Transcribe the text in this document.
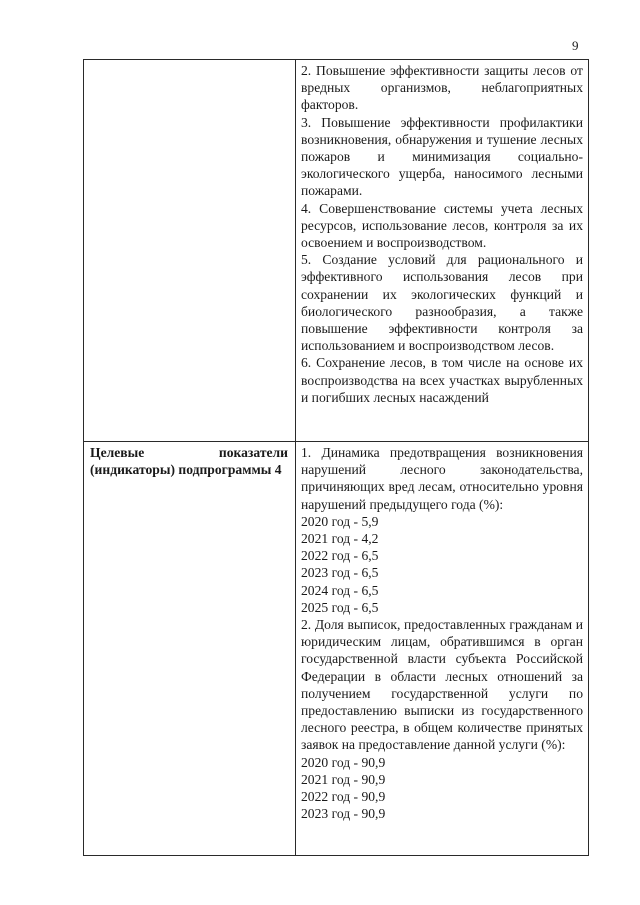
9

2. Повышение эффективности защиты лесов от вредных организмов, неблагоприятных факторов.

3. Повышение эффективности профилактики возникновения, обнаружения и тушение лесных пожаров и минимизация социально-экологического ущерба, наносимого лесными пожарами.

4. Совершенствование системы учета лесных ресурсов, использование лесов, контроля за их освоением и воспроизводством.

5. Создание условий для рационального и эффективного использования лесов при сохранении их экологических функций и биологического разнообразия, а также повышение эффективности контроля за использованием и воспроизводством лесов.

6. Сохранение лесов, в том числе на основе их воспроизводства на всех участках вырубленных и погибших лесных насаждений

Целевые показатели (индикаторы) подпрограммы 4

1. Динамика предотвращения возникновения нарушений лесного законодательства, причиняющих вред лесам, относительно уровня нарушений предыдущего года (%):

2020 год - 5,9

2021 год - 4,2

2022 год - 6,5

2023 год - 6,5

2024 год - 6,5

2025 год - 6,5

2. Доля выписок, предоставленных гражданам и юридическим лицам, обратившимся в орган государственной власти субъекта Российской Федерации в области лесных отношений за получением государственной услуги по предоставлению выписки из государственного лесного реестра, в общем количестве принятых заявок на предоставление данной услуги (%):

2020 год - 90,9

2021 год - 90,9

2022 год - 90,9

2023 год - 90,9
